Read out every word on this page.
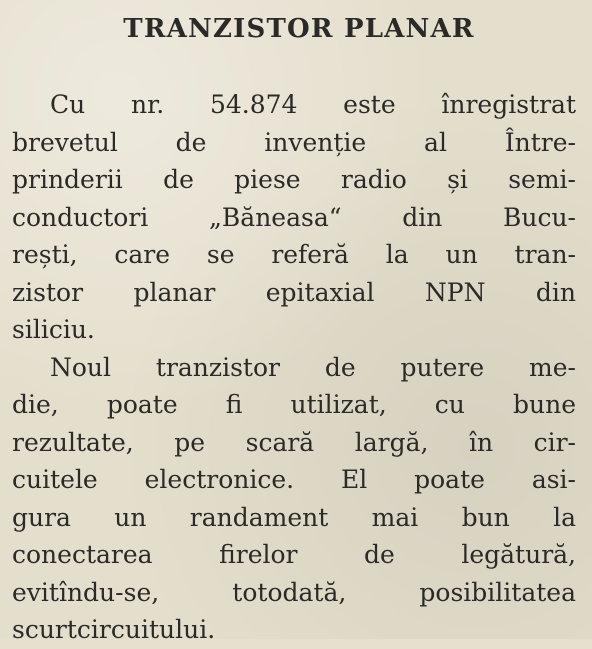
TRANZISTOR PLANAR
Cu nr. 54.874 este înregistrat
brevetul de invenție al Între-
prinderii de piese radio și semi-
conductori „Băneasa“ din Bucu-
rești, care se referă la un tran-
zistor planar epitaxial NPN din
siliciu.
Noul tranzistor de putere me-
die, poate fi utilizat, cu bune
rezultate, pe scară largă, în cir-
cuitele electronice. El poate asi-
gura un randament mai bun la
conectarea firelor de legătură,
evitîndu-se, totodată, posibilitatea
scurtcircuitului.
